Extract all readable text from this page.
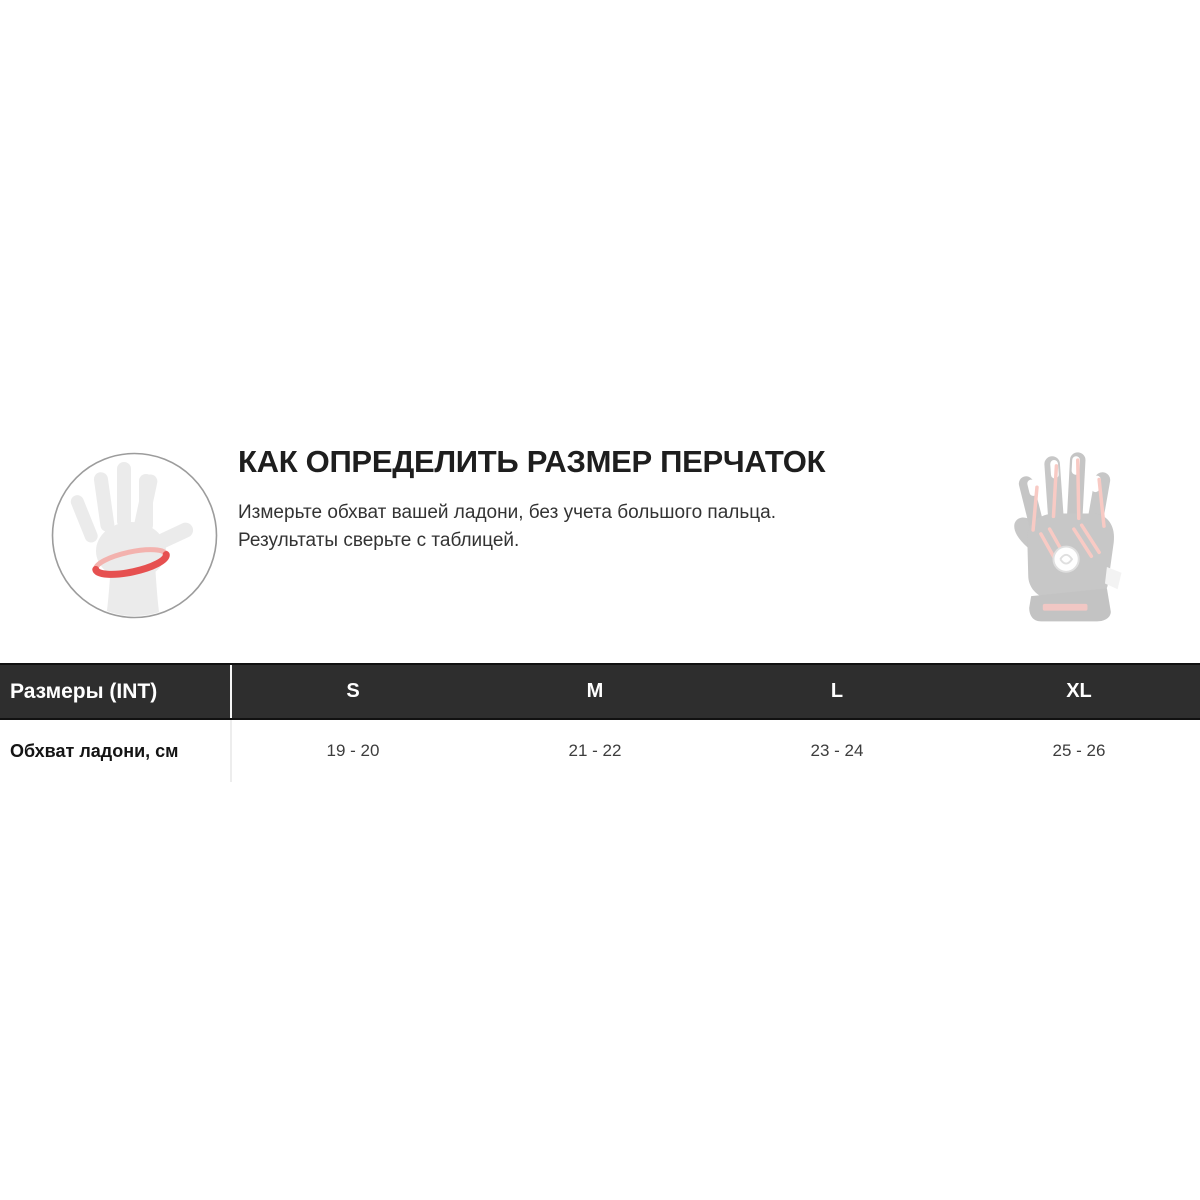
КАК ОПРЕДЕЛИТЬ РАЗМЕР ПЕРЧАТОК

Измерьте обхват вашей ладони, без учета большого пальца.
Результаты сверьте с таблицей.

Размеры (INT)	S	M	L	XL
Обхват ладони, см	19 - 20	21 - 22	23 - 24	25 - 26
